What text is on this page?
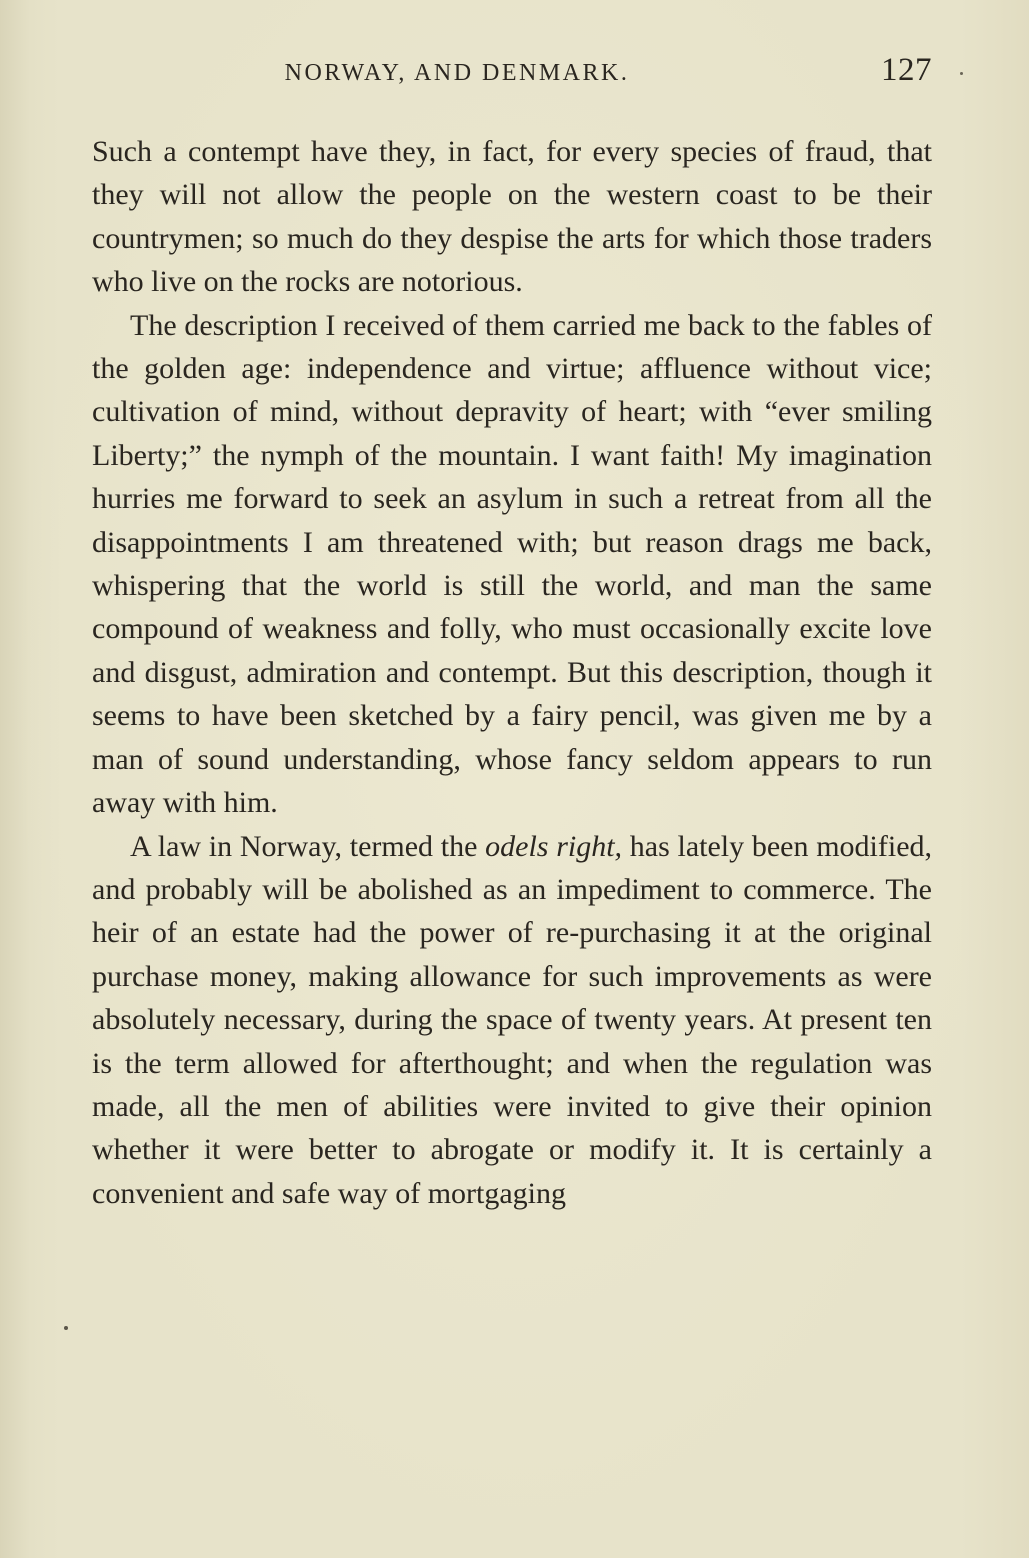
NORWAY, AND DENMARK.	127

Such a contempt have they, in fact, for every species of fraud, that they will not allow the people on the western coast to be their countrymen; so much do they despise the arts for which those traders who live on the rocks are notorious.

The description I received of them carried me back to the fables of the golden age: independence and virtue; affluence without vice; cultivation of mind, without depravity of heart; with “ever smiling Liberty;” the nymph of the mountain. I want faith! My imagination hurries me forward to seek an asylum in such a retreat from all the disappointments I am threatened with; but reason drags me back, whispering that the world is still the world, and man the same compound of weakness and folly, who must occasionally excite love and disgust, admiration and contempt. But this description, though it seems to have been sketched by a fairy pencil, was given me by a man of sound understanding, whose fancy seldom appears to run away with him.

A law in Norway, termed the odels right, has lately been modified, and probably will be abolished as an impediment to commerce. The heir of an estate had the power of re-purchasing it at the original purchase money, making allowance for such improvements as were absolutely necessary, during the space of twenty years. At present ten is the term allowed for afterthought; and when the regulation was made, all the men of abilities were invited to give their opinion whether it were better to abrogate or modify it. It is certainly a convenient and safe way of mortgaging
